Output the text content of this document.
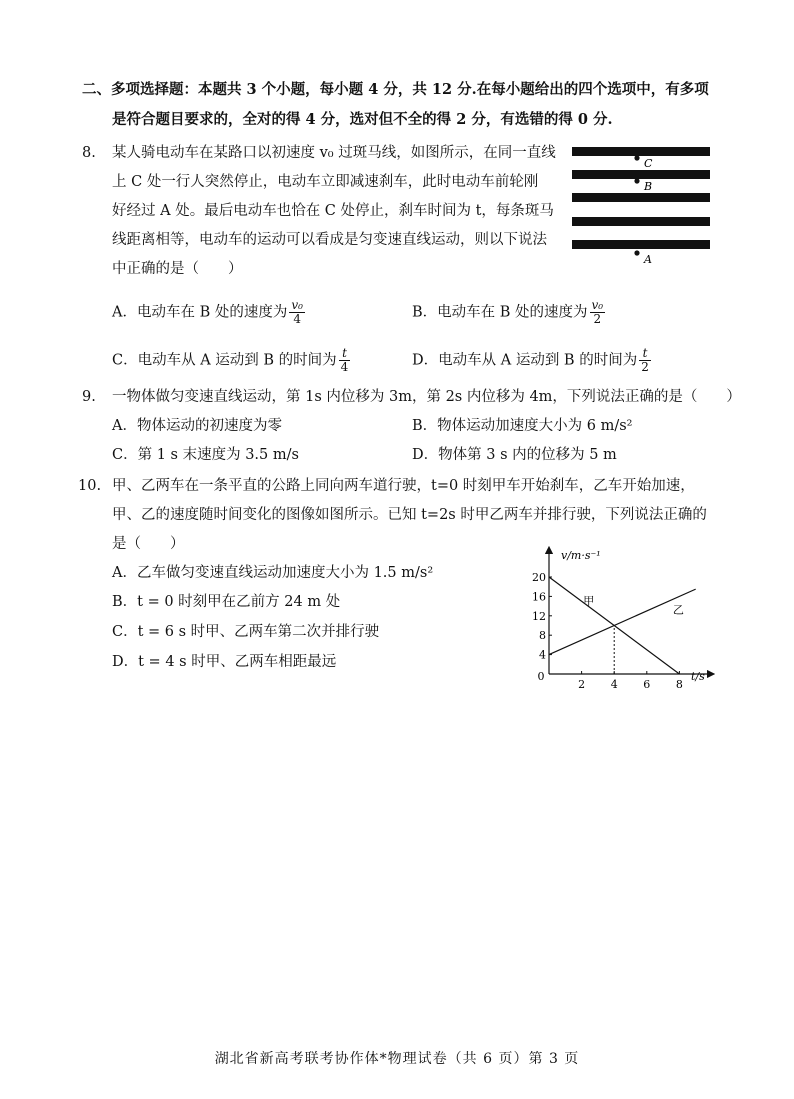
二、多项选择题：本题共 3 个小题，每小题 4 分，共 12 分.在每小题给出的四个选项中，有多项
是符合题目要求的，全对的得 4 分，选对但不全的得 2 分，有选错的得 0 分.
8. 某人骑电动车在某路口以初速度 v₀ 过斑马线，如图所示，在同一直线
上 C 处一行人突然停止，电动车立即减速刹车，此时电动车前轮刚
好经过 A 处。最后电动车也恰在 C 处停止，刹车时间为 t，每条斑马
线距离相等，电动车的运动可以看成是匀变速直线运动，则以下说法
中正确的是（　　）
C
B
A
A．电动车在 B 处的速度为 $\frac{\text{v₀}}{4}$	B．电动车在 B 处的速度为 $\frac{\text{v₀}}{2}$
C．电动车从 A 运动到 B 的时间为 $\frac{t}{4}$	D．电动车从 A 运动到 B 的时间为 $\frac{t}{2}$
9. 一物体做匀变速直线运动，第 1s 内位移为 3m，第 2s 内位移为 4m，下列说法正确的是（　　）
A．物体运动的初速度为零	B．物体运动加速度大小为 6 m/s²
C．第 1 s 末速度为 3.5 m/s	D．物体第 3 s 内的位移为 5 m
10. 甲、乙两车在一条平直的公路上同向两车道行驶，t=0 时刻甲车开始刹车，乙车开始加速，
甲、乙的速度随时间变化的图像如图所示。已知 t=2s 时甲乙两车并排行驶，下列说法正确的
是（　　）
A．乙车做匀变速直线运动加速度大小为 1.5 m/s²
B．t = 0 时刻甲在乙前方 24 m 处
C．t = 6 s 时甲、乙两车第二次并排行驶
D．t = 4 s 时甲、乙两车相距最远
v/m·s⁻¹
t/s
0
2 4 6 8
4
8
12
16
20
甲
乙
湖北省新高考联考协作体*物理试卷（共 6 页）第 3 页
